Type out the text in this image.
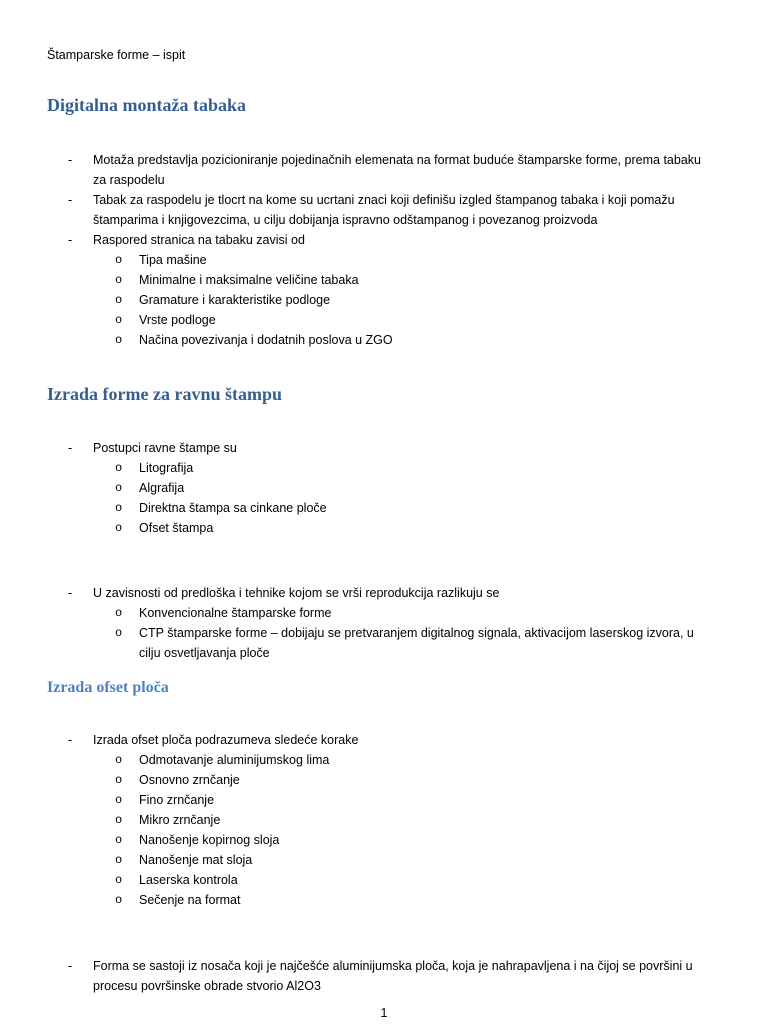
Štamparske forme – ispit
Digitalna montaža tabaka
- Motaža predstavlja pozicioniranje pojedinačnih elemenata na format buduće štamparske forme, prema tabaku za raspodelu
- Tabak za raspodelu je tlocrt na kome su ucrtani znaci koji definišu izgled štampanog tabaka i koji pomažu štamparima i knjigovezcima, u cilju dobijanja ispravno odštampanog i povezanog proizvoda
- Raspored stranica na tabaku zavisi od
o Tipa mašine
o Minimalne i maksimalne veličine tabaka
o Gramature i karakteristike podloge
o Vrste podloge
o Načina povezivanja i dodatnih poslova u ZGO
Izrada forme za ravnu štampu
- Postupci ravne štampe su
o Litografija
o Algrafija
o Direktna štampa sa cinkane ploče
o Ofset štampa
- U zavisnosti od predloška i tehnike kojom se vrši reprodukcija razlikuju se
o Konvencionalne štamparske forme
o CTP štamparske forme – dobijaju se pretvaranjem digitalnog signala, aktivacijom laserskog izvora, u cilju osvetljavanja ploče
Izrada ofset ploča
- Izrada ofset ploča podrazumeva sledeće korake
o Odmotavanje aluminijumskog lima
o Osnovno zrnčanje
o Fino zrnčanje
o Mikro zrnčanje
o Nanošenje kopirnog sloja
o Nanošenje mat sloja
o Laserska kontrola
o Sečenje na format
- Forma se sastoji iz nosača koji je najčešće aluminijumska ploča, koja je nahrapavljena i na čijoj se površini u procesu površinske obrade stvorio Al2O3
1
